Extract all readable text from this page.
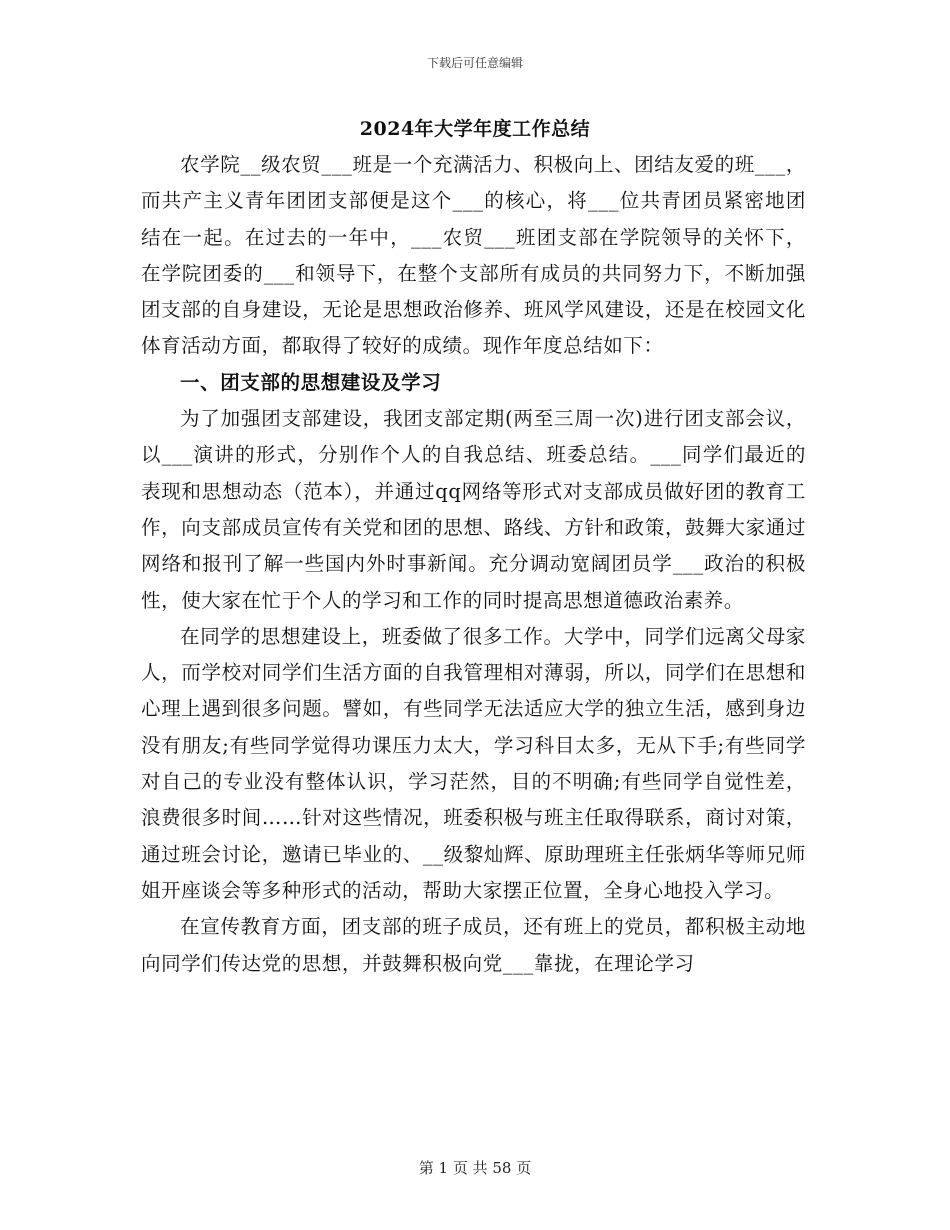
下载后可任意编辑
2024年大学年度工作总结

农学院__级农贸___班是一个充满活力、积极向上、团结友爱的班___，而共产主义青年团团支部便是这个___的核心，将___位共青团员紧密地团结在一起。在过去的一年中，___农贸___班团支部在学院领导的关怀下，在学院团委的___和领导下，在整个支部所有成员的共同努力下，不断加强团支部的自身建设，无论是思想政治修养、班风学风建设，还是在校园文化体育活动方面，都取得了较好的成绩。现作年度总结如下：

一、团支部的思想建设及学习

为了加强团支部建设，我团支部定期(两至三周一次)进行团支部会议，以___演讲的形式，分别作个人的自我总结、班委总结。___同学们最近的表现和思想动态（范本），并通过qq网络等形式对支部成员做好团的教育工作，向支部成员宣传有关党和团的思想、路线、方针和政策，鼓舞大家通过网络和报刊了解一些国内外时事新闻。充分调动宽阔团员学___政治的积极性，使大家在忙于个人的学习和工作的同时提高思想道德政治素养。

在同学的思想建设上，班委做了很多工作。大学中，同学们远离父母家人，而学校对同学们生活方面的自我管理相对薄弱，所以，同学们在思想和心理上遇到很多问题。譬如，有些同学无法适应大学的独立生活，感到身边没有朋友;有些同学觉得功课压力太大，学习科目太多，无从下手;有些同学对自己的专业没有整体认识，学习茫然，目的不明确;有些同学自觉性差，浪费很多时间……针对这些情况，班委积极与班主任取得联系，商讨对策，通过班会讨论，邀请已毕业的、__级黎灿辉、原助理班主任张炳华等师兄师姐开座谈会等多种形式的活动，帮助大家摆正位置，全身心地投入学习。

在宣传教育方面，团支部的班子成员，还有班上的党员，都积极主动地向同学们传达党的思想，并鼓舞积极向党___靠拢，在理论学习

第 1 页 共 58 页
